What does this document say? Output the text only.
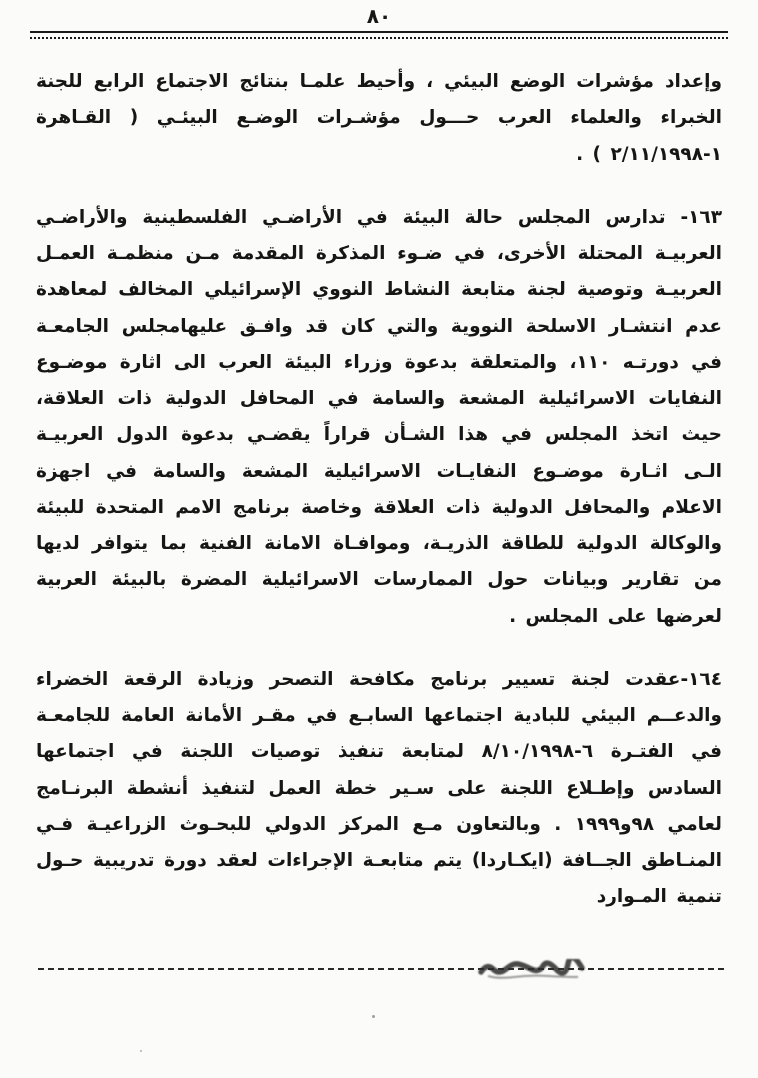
٨٠

وإعداد مؤشرات الوضع البيئي ، وأحيط علمـا بنتائج الاجتماع الرابع للجنة الخبراء والعلماء العرب حـــول مؤشـرات الوضـع البيئـي ( القـاهرة ١-٢/١١/١٩٩٨ ) .

١٦٣- تدارس المجلس حالة البيئة في الأراضـي الفلسطينية والأراضـي العربيـة المحتلة الأخرى، في ضـوء المذكرة المقدمة مـن منظمـة العمـل العربيـة وتوصية لجنة متابعة النشاط النووي الإسرائيلي المخالف لمعاهدة عدم انتشـار الاسلحة النووية والتي كان قد وافـق عليهامجلس الجامعـة في دورتـه ١١٠، والمتعلقة بدعوة وزراء البيئة العرب الى اثارة موضـوع النفايات الاسرائيلية المشعة والسامة في المحافل الدولية ذات العلاقة، حيث اتخذ المجلس في هذا الشـأن قراراً يقضـي بدعوة الدول العربيـة الـى اثـارة موضـوع النفايـات الاسرائيلية المشعة والسامة في اجهزة الاعلام والمحافل الدولية ذات العلاقة وخاصة برنامج الامم المتحدة للبيئة والوكالة الدولية للطاقة الذريـة، وموافـاة الامانة الفنية بما يتوافر لديها من تقارير وبيانات حول الممارسات الاسرائيلية المضرة بالبيئة العربية لعرضها على المجلس .

١٦٤-عقدت لجنة تسيير برنامج مكافحة التصحر وزيادة الرقعة الخضراء والدعــم البيئي للبادية اجتماعها السابـع في مقـر الأمانة العامة للجامعـة في الفتـرة ٦-٨/١٠/١٩٩٨ لمتابعة تنفيذ توصيات اللجنة في اجتماعها السادس وإطـلاع اللجنة على سـير خطة العمل لتنفيذ أنشطة البرنـامج لعامي ٩٨و١٩٩٩ . وبالتعاون مـع المركز الدولي للبحـوث الزراعيـة فـي المنـاطق الجــافة (ايكـاردا) يتم متابعـة الإجراءات لعقد دورة تدريبية حـول تنمية المـوارد
